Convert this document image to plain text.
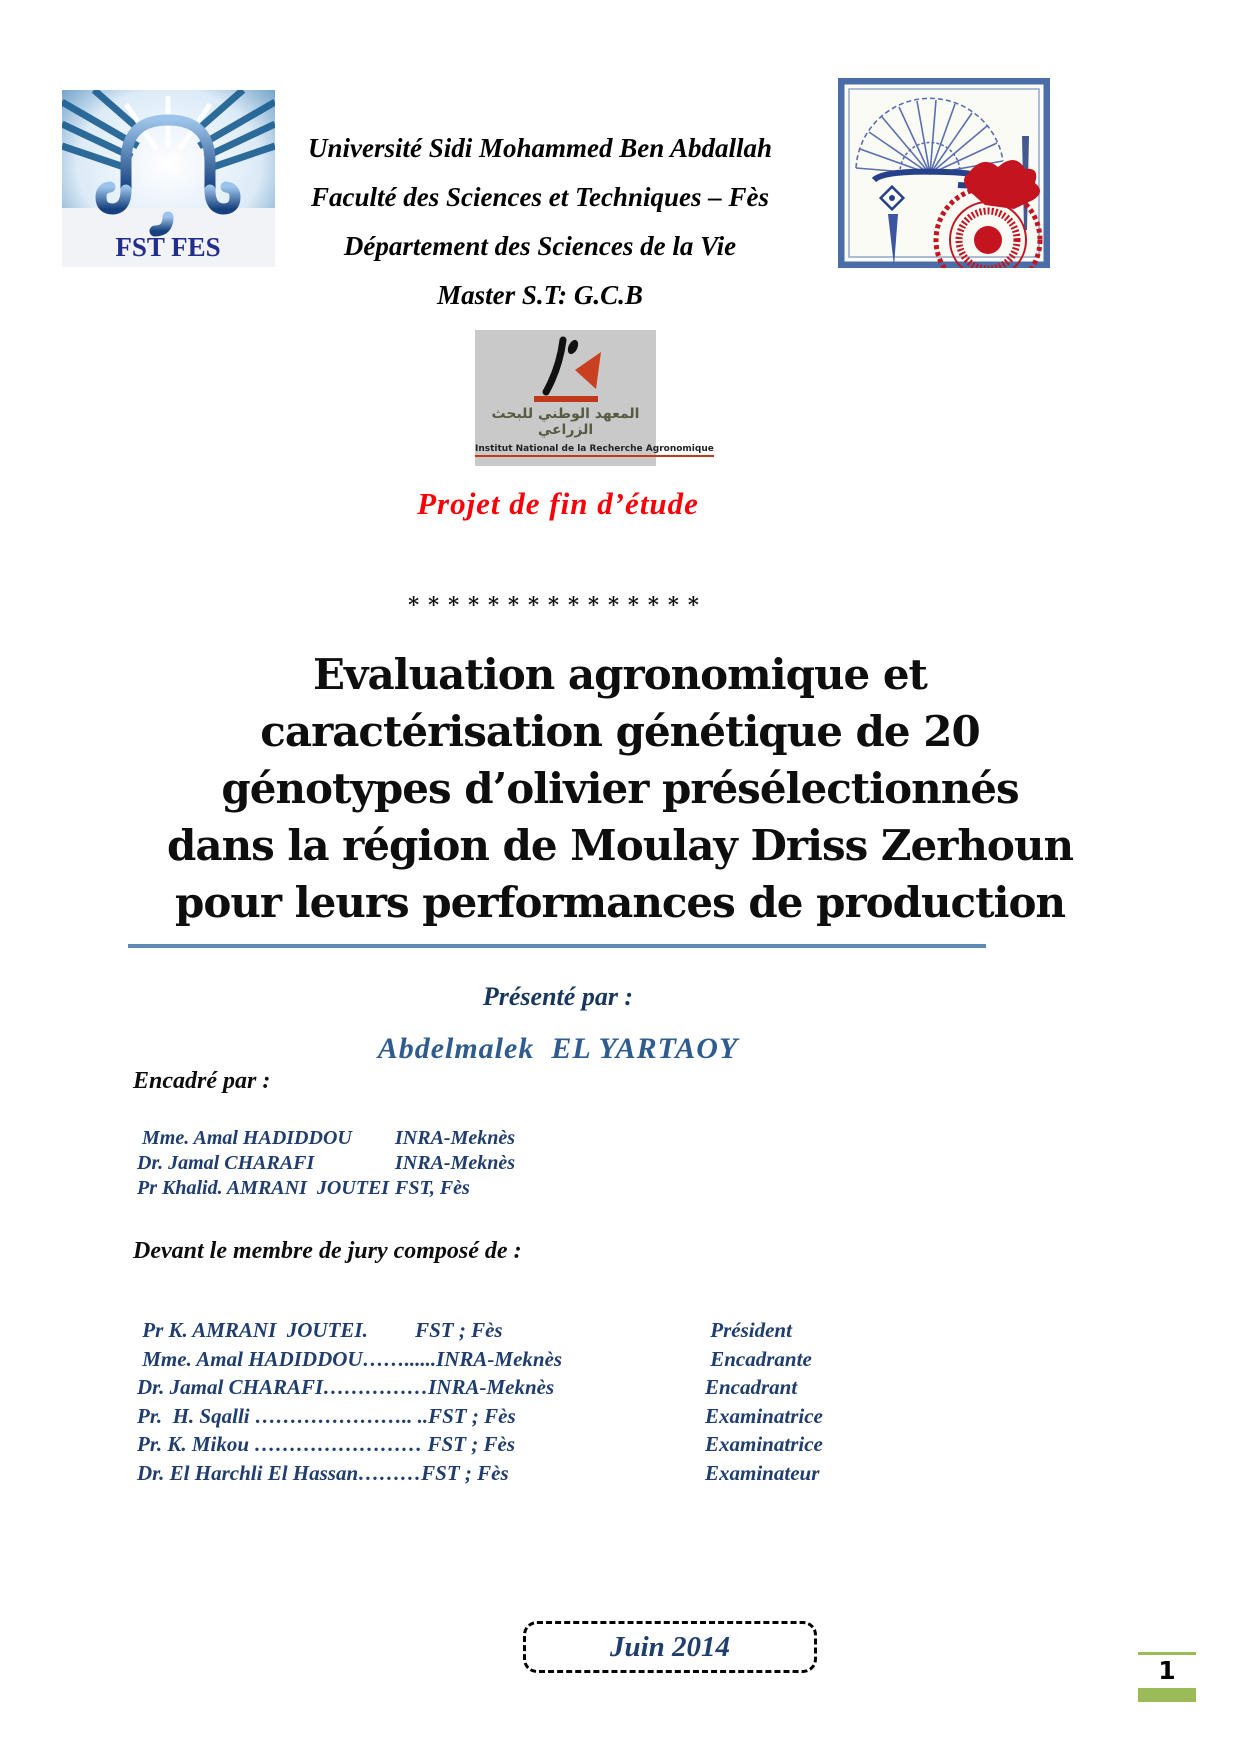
FST FES
Université Sidi Mohammed Ben Abdallah
Faculté des Sciences et Techniques – Fès
Département des Sciences de la Vie
Master S.T: G.C.B
المعهد الوطني للبحث الزراعي
Institut National de la Recherche Agronomique
Projet de fin d’étude
***************
Evaluation agronomique et
caractérisation génétique de 20
génotypes d’olivier présélectionnés
dans la région de Moulay Driss Zerhoun
pour leurs performances de production
Présenté par :
Abdelmalek  EL YARTAOY
Encadré par :
Mme. Amal HADIDDOU INRA-Meknès
Dr. Jamal CHARAFI	INRA-Meknès
Pr Khalid. AMRANI  JOUTEI FST, Fès
Devant le membre de jury composé de :
Pr K. AMRANI  JOUTEI.         FST ; Fès	Président
Mme. Amal HADIDDOU……......INRA-Meknès	Encadrante
Dr. Jamal CHARAFI……………INRA-Meknès	Encadrant
Pr.  H. Sqalli ………………….. ..FST ; Fès	Examinatrice
Pr. K. Mikou …………………… FST ; Fès	Examinatrice
Dr. El Harchli El Hassan………FST ; Fès	Examinateur
Juin 2014
1
